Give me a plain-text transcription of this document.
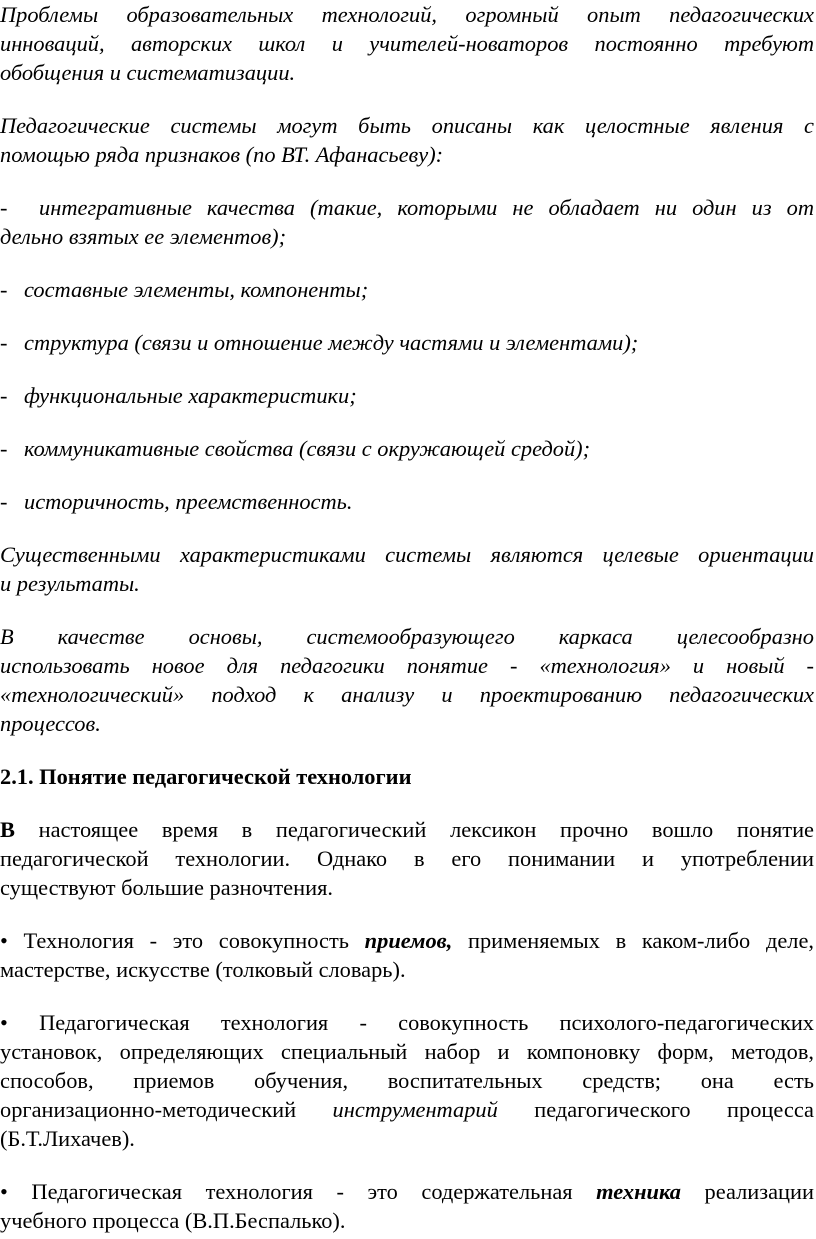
Проблемы образовательных технологий, огромный опыт педагогических
инноваций, авторских школ и учителей-новаторов постоянно требуют
обобщения и систематизации.

Педагогические системы могут быть описаны как целостные явления с
помощью ряда признаков (по ВТ. Афанасьеву):

- интегративные качества (такие, которыми не обладает ни один из от
дельно взятых ее элементов);

- составные элементы, компоненты;

- структура (связи и отношение между частями и элементами);

- функциональные характеристики;

- коммуникативные свойства (связи с окружающей средой);

- историчность, преемственность.

Существенными характеристиками системы являются целевые ориентации
и результаты.

В качестве основы, системообразующего каркаса целесообразно
использовать новое для педагогики понятие - «технология» и новый -
«технологический» подход к анализу и проектированию педагогических
процессов.

2.1. Понятие педагогической технологии

В настоящее время в педагогический лексикон прочно вошло понятие
педагогической технологии. Однако в его понимании и употреблении
существуют большие разночтения.

• Технология - это совокупность приемов, применяемых в каком-либо деле,
мастерстве, искусстве (толковый словарь).

• Педагогическая технология - совокупность психолого-педагогических
установок, определяющих специальный набор и компоновку форм, методов,
способов, приемов обучения, воспитательных средств; она есть
организационно-методический инструментарий педагогического процесса
(Б.Т.Лихачев).

• Педагогическая технология - это содержательная техника реализации
учебного процесса (В.П.Беспалько).
